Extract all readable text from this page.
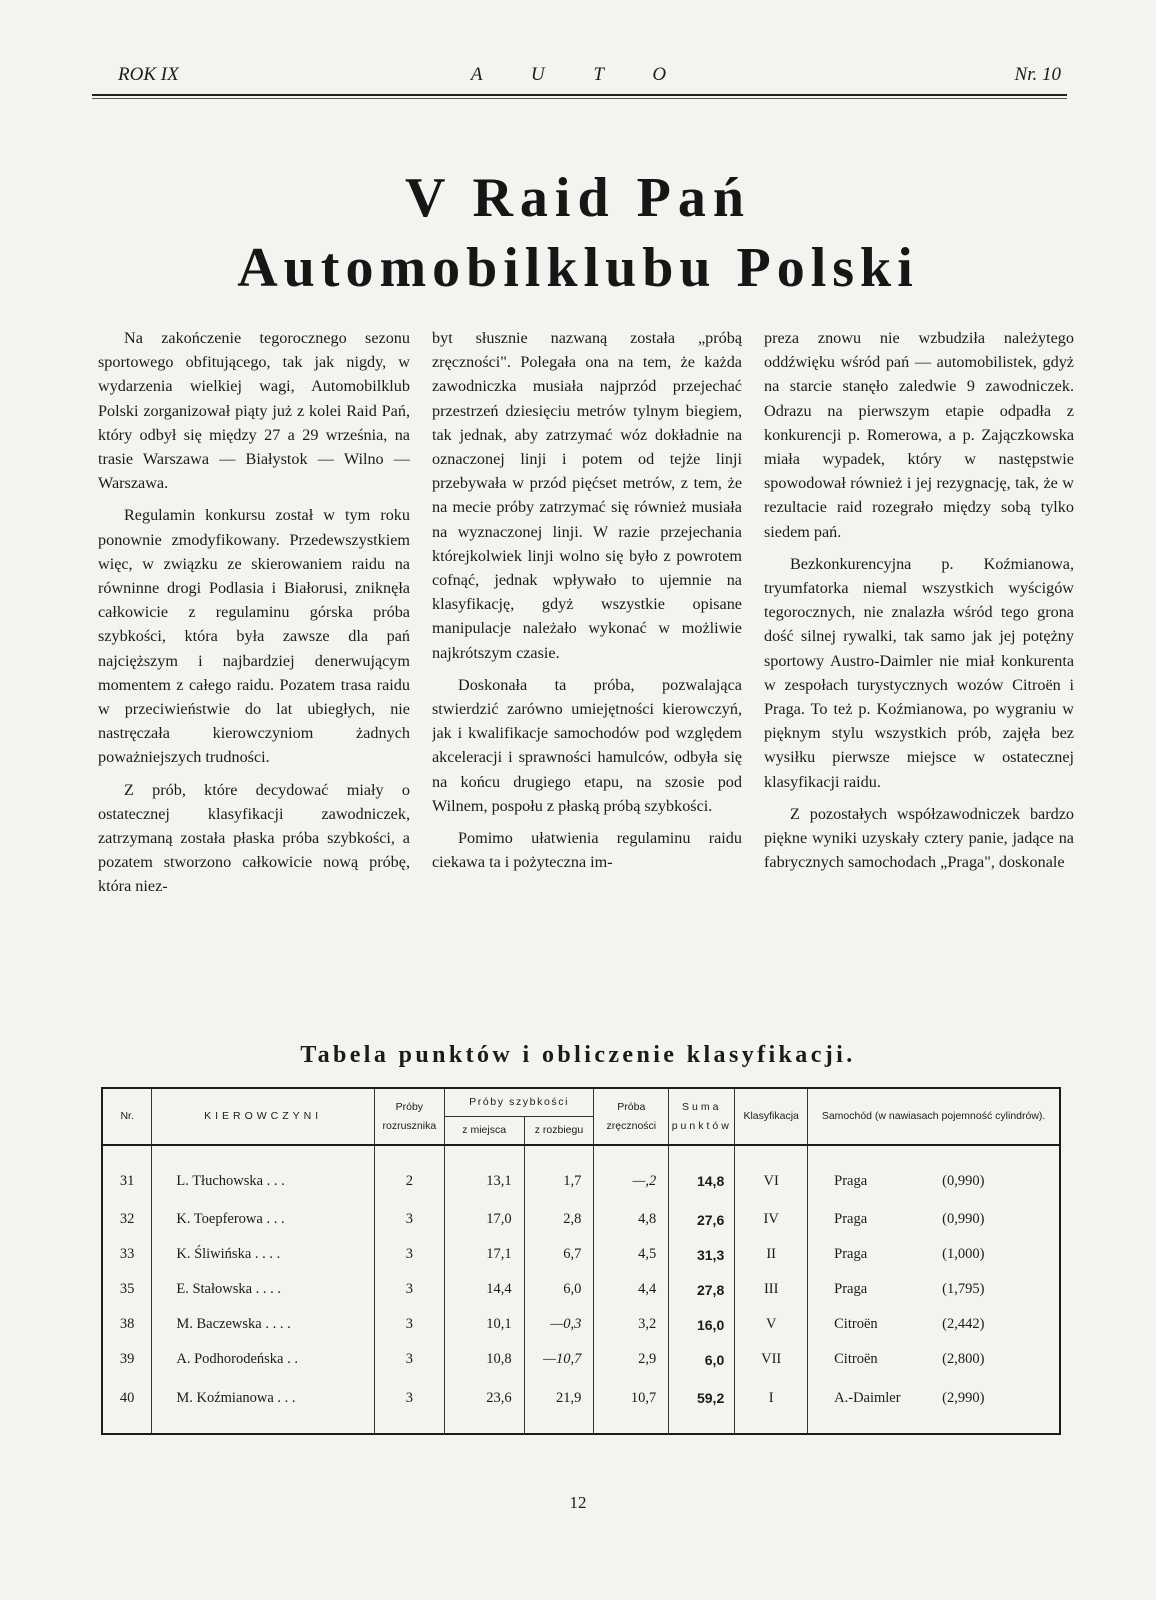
ROK IX	A U T O	Nr. 10
V Raid Pań
Automobilklubu Polski

Na zakończenie tegorocznego sezonu sportowego obfitującego, tak jak nigdy, w wydarzenia wielkiej wagi, Automobilklub Polski zorganizował piąty już z kolei Raid Pań, który odbył się między 27 a 29 września, na trasie Warszawa — Białystok — Wilno — Warszawa.

Regulamin konkursu został w tym roku ponownie zmodyfikowany. Przedewszystkiem więc, w związku ze skierowaniem raidu na równinne drogi Podlasia i Białorusi, zniknęła całkowicie z regulaminu górska próba szybkości, która była zawsze dla pań najcięższym i najbardziej denerwującym momentem z całego raidu. Pozatem trasa raidu w przeciwieństwie do lat ubiegłych, nie nastręczała kierowczyniom żadnych poważniejszych trudności.

Z prób, które decydować miały o ostatecznej klasyfikacji zawodniczek, zatrzymaną została płaska próba szybkości, a pozatem stworzono całkowicie nową próbę, która niez-

byt słusznie nazwaną została „próbą zręczności". Polegała ona na tem, że każda zawodniczka musiała najprzód przejechać przestrzeń dziesięciu metrów tylnym biegiem, tak jednak, aby zatrzymać wóz dokładnie na oznaczonej linji i potem od tejże linji przebywała w przód pięćset metrów, z tem, że na mecie próby zatrzymać się również musiała na wyznaczonej linji. W razie przejechania którejkolwiek linji wolno się było z powrotem cofnąć, jednak wpływało to ujemnie na klasyfikację, gdyż wszystkie opisane manipulacje należało wykonać w możliwie najkrótszym czasie.

Doskonała ta próba, pozwalająca stwierdzić zarówno umiejętności kierowczyń, jak i kwalifikacje samochodów pod względem akceleracji i sprawności hamulców, odbyła się na końcu drugiego etapu, na szosie pod Wilnem, pospołu z płaską próbą szybkości.

Pomimo ułatwienia regulaminu raidu ciekawa ta i pożyteczna im-

preza znowu nie wzbudziła należytego oddźwięku wśród pań — automobilistek, gdyż na starcie stanęło zaledwie 9 zawodniczek. Odrazu na pierwszym etapie odpadła z konkurencji p. Romerowa, a p. Zajączkowska miała wypadek, który w następstwie spowodował również i jej rezygnację, tak, że w rezultacie raid rozegrało między sobą tylko siedem pań.

Bezkonkurencyjna p. Koźmianowa, tryumfatorka niemal wszystkich wyścigów tegorocznych, nie znalazła wśród tego grona dość silnej rywalki, tak samo jak jej potężny sportowy Austro-Daimler nie miał konkurenta w zespołach turystycznych wozów Citroën i Praga. To też p. Koźmianowa, po wygraniu w pięknym stylu wszystkich prób, zajęła bez wysiłku pierwsze miejsce w ostatecznej klasyfikacji raidu.

Z pozostałych współzawodniczek bardzo piękne wyniki uzyskały cztery panie, jadące na fabrycznych samochodach „Praga", doskonale

Tabela punktów i obliczenie klasyfikacji.
Nr.	KIEROWCZYNI	Próby rozrusznika	Próby szybkości		Próba zręczności	Suma punktów	Klasyfikacja	Samochód (w nawiasach pojemność cylindrów).
			z miejsca	z rozbiegu				
31	L. Tłuchowska . . .	2	13,1	1,7	—,2	14,8	VI	Praga (0,990)
32	K. Toepferowa . . .	3	17,0	2,8	4,8	27,6	IV	Praga (0,990)
33	K. Śliwińska . . . .	3	17,1	6,7	4,5	31,3	II	Praga (1,000)
35	E. Stałowska . . . .	3	14,4	6,0	4,4	27,8	III	Praga (1,795)
38	M. Baczewska . . . .	3	10,1	—0,3	3,2	16,0	V	Citroën (2,442)
39	A. Podhorodeńska . .	3	10,8	—10,7	2,9	6,0	VII	Citroën (2,800)
40	M. Koźmianowa . . .	3	23,6	21,9	10,7	59,2	I	A.-Daimler (2,990)

12
